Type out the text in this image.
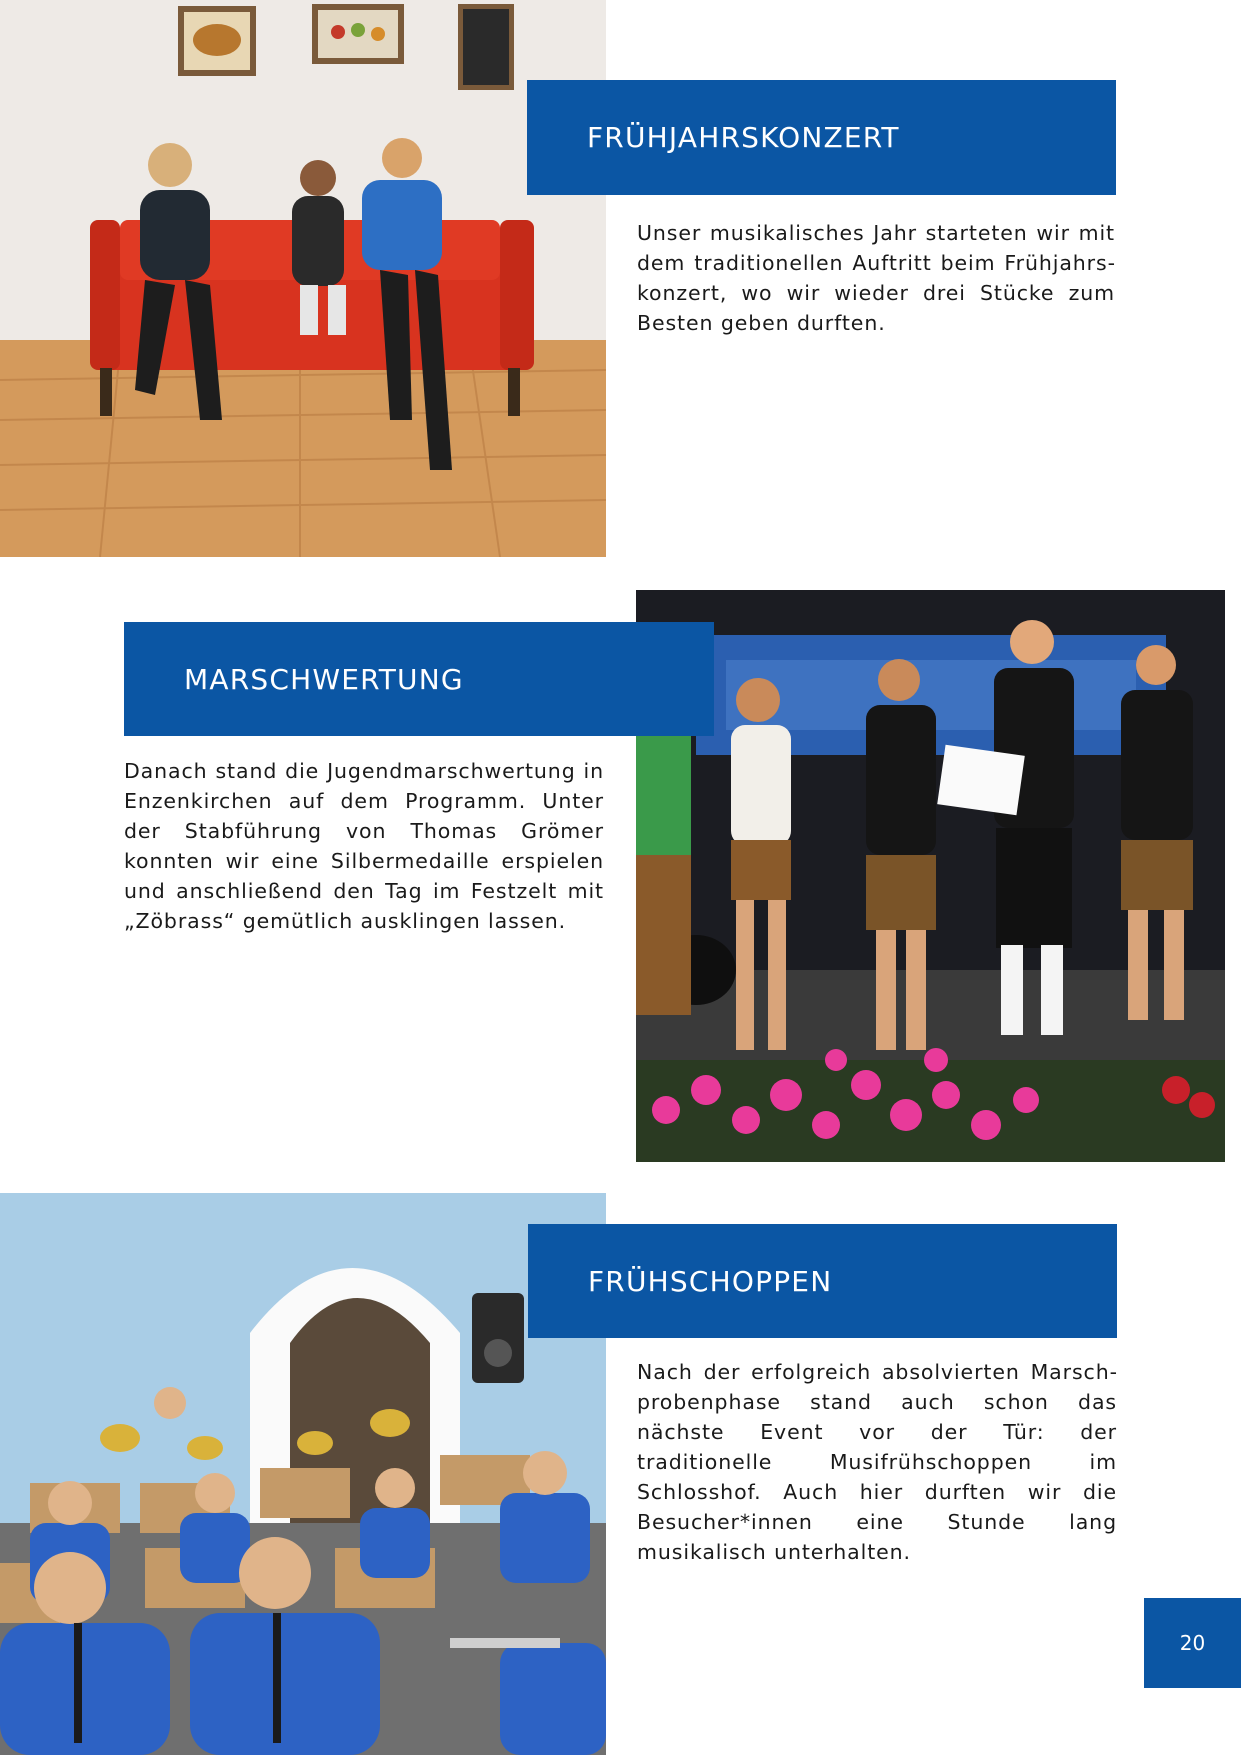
FRÜHJAHRSKONZERT

Unser musikalisches Jahr starteten wir mit dem traditionellen Auftritt beim Frühjahrskonzert, wo wir wieder drei Stücke zum Besten geben durften.

MARSCHWERTUNG

Danach stand die Jugendmarschwertung in Enzenkirchen auf dem Programm. Unter der Stabführung von Thomas Grömer konnten wir eine Silbermedaille erspielen und anschließend den Tag im Festzelt mit „Zöbrass“ gemütlich ausklingen lassen.

FRÜHSCHOPPEN

Nach der erfolgreich absolvierten Marschprobenphase stand auch schon das nächste Event vor der Tür: der traditionelle Musifrühschoppen im Schlosshof. Auch hier durften wir die Besucher*innen eine Stunde lang musikalisch unterhalten.

20
